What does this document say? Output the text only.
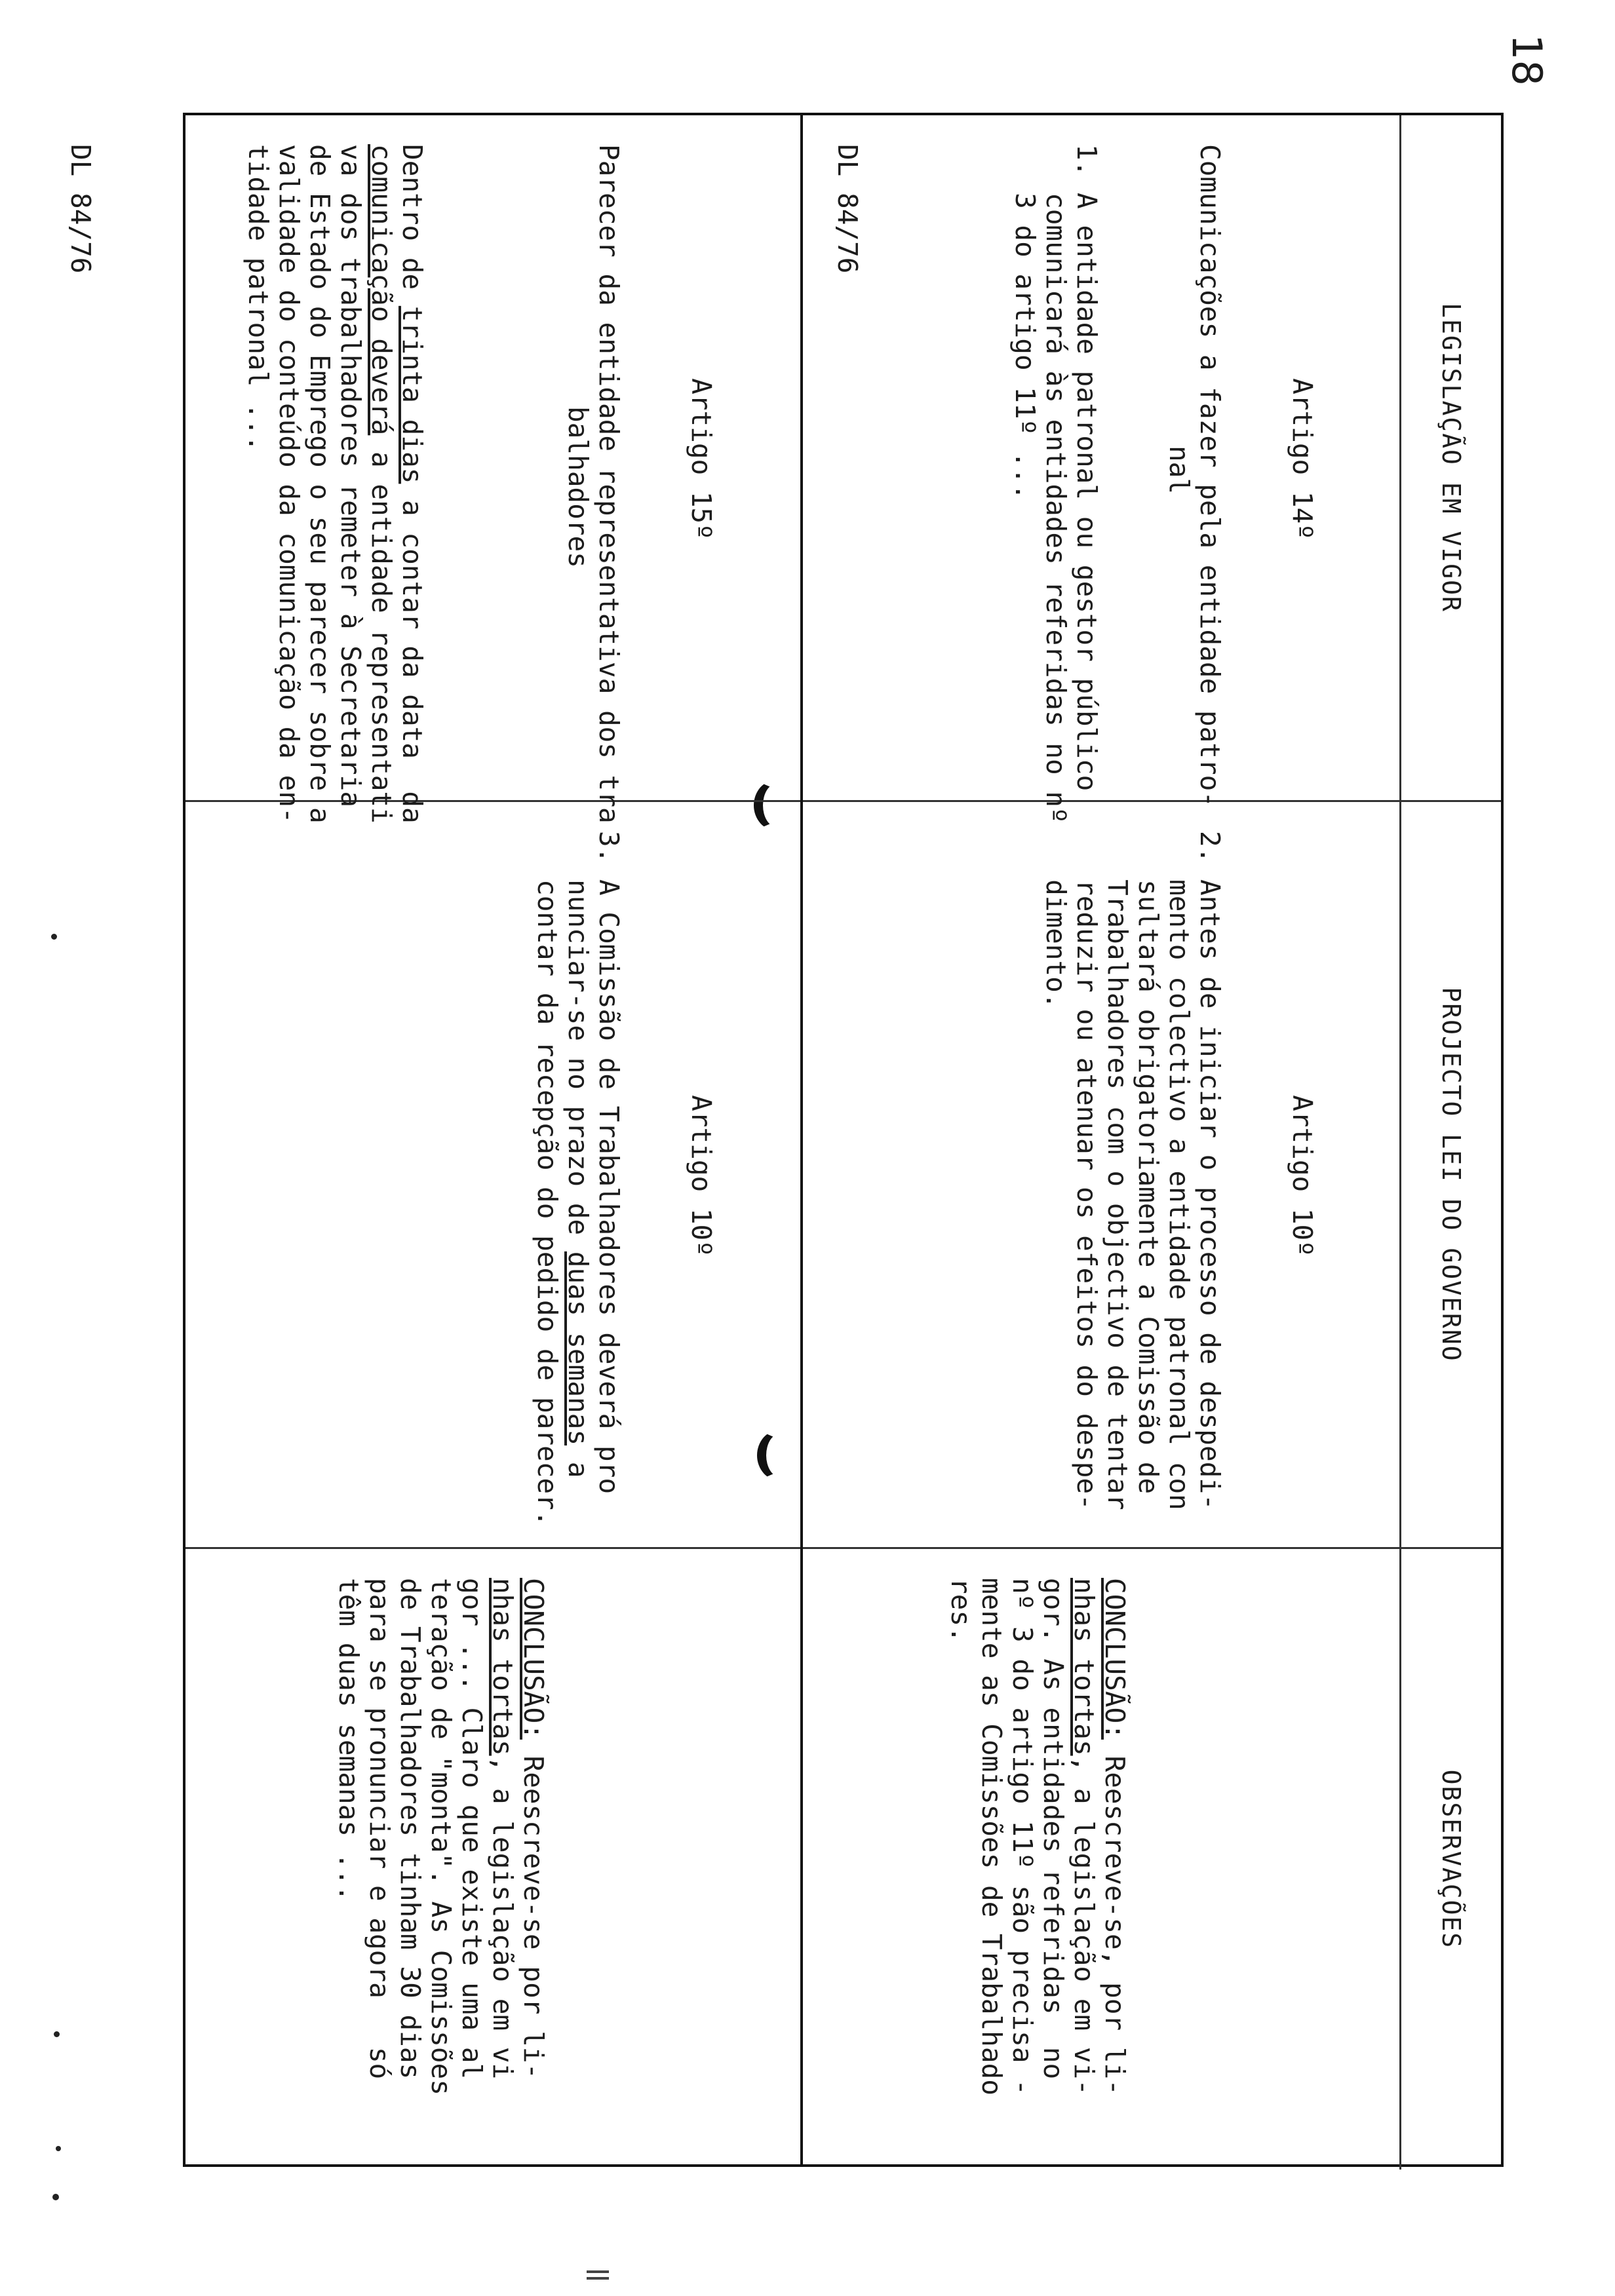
18
LEGISLAÇÃO EM VIGOR
PROJECTO LEI DO GOVERNO
OBSERVAÇÕES

Artigo 14º

Comunicações a fazer pela entidade patro-
nal

1. A entidade patronal ou gestor público
comunicará às entidades referidas no nº
3 do artigo 11º ...

DL 84/76

Artigo 10º

2. Antes de iniciar o processo de despedi-
mento colectivo a entidade patronal con
sultará obrigatoriamente a Comissão de
Trabalhadores com o objectivo de tentar
reduzir ou atenuar os efeitos do despe-
dimento.

CONCLUSÃO: Reescreve-se, por li-
nhas tortas, a legislação em vi-
gor. As entidades referidas  no
nº 3 do artigo 11º são precisa -
mente as Comissões de Trabalhado
res.

Artigo 15º

Parecer da entidade representativa dos tra
balhadores

Dentro de trinta dias a contar da data  da
comunicação deverá a entidade representati
va dos trabalhadores remeter à Secretaria
de Estado do Emprego o seu parecer sobre a
validade do conteúdo da comunicação da en-
tidade patronal ...

DL 84/76

Artigo 10º

3. A Comissão de Trabalhadores deverá pro
nunciar-se no prazo de duas semanas a
contar da recepção do pedido de parecer.

CONCLUSÃO: Reescreve-se por li-
nhas tortas, a legislação em vi
gor ... Claro que existe uma al
teração de "monta". As Comissões
de Trabalhadores tinham 30 dias
para se pronunciar e agora   só
têm duas semanas ...
